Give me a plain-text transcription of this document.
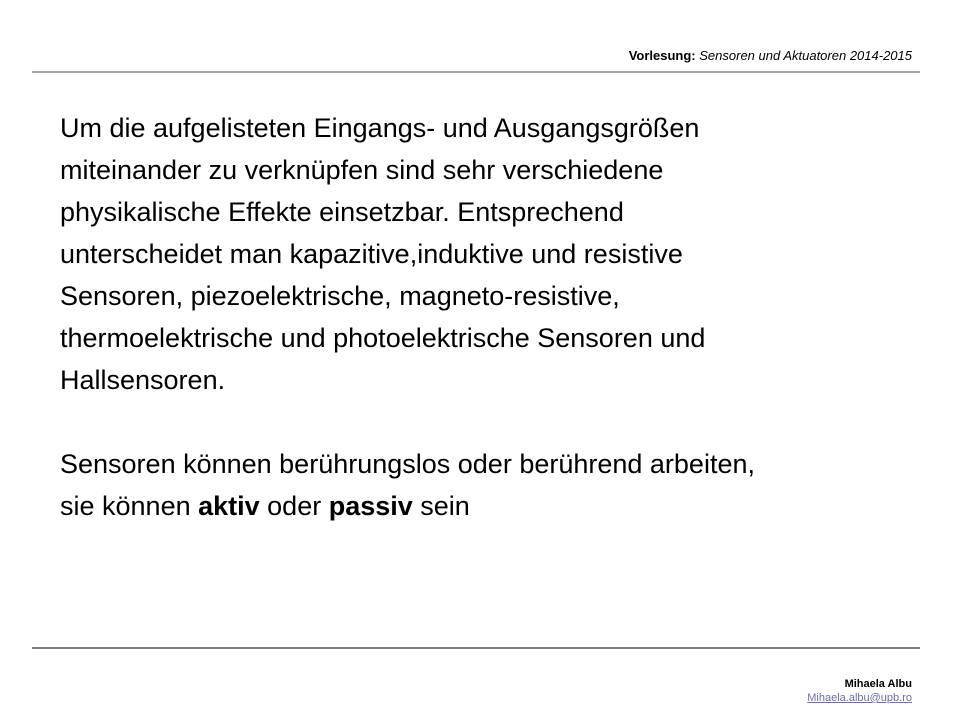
Vorlesung: Sensoren und Aktuatoren 2014-2015
Um die aufgelisteten Eingangs- und Ausgangsgrößen
miteinander zu verknüpfen sind sehr verschiedene
physikalische Effekte einsetzbar. Entsprechend
unterscheidet man kapazitive,induktive und resistive
Sensoren, piezoelektrische, magneto-resistive,
thermoelektrische und photoelektrische Sensoren und
Hallsensoren.
Sensoren können berührungslos oder berührend arbeiten,
sie können aktiv oder passiv sein
Mihaela Albu
Mihaela.albu@upb.ro
